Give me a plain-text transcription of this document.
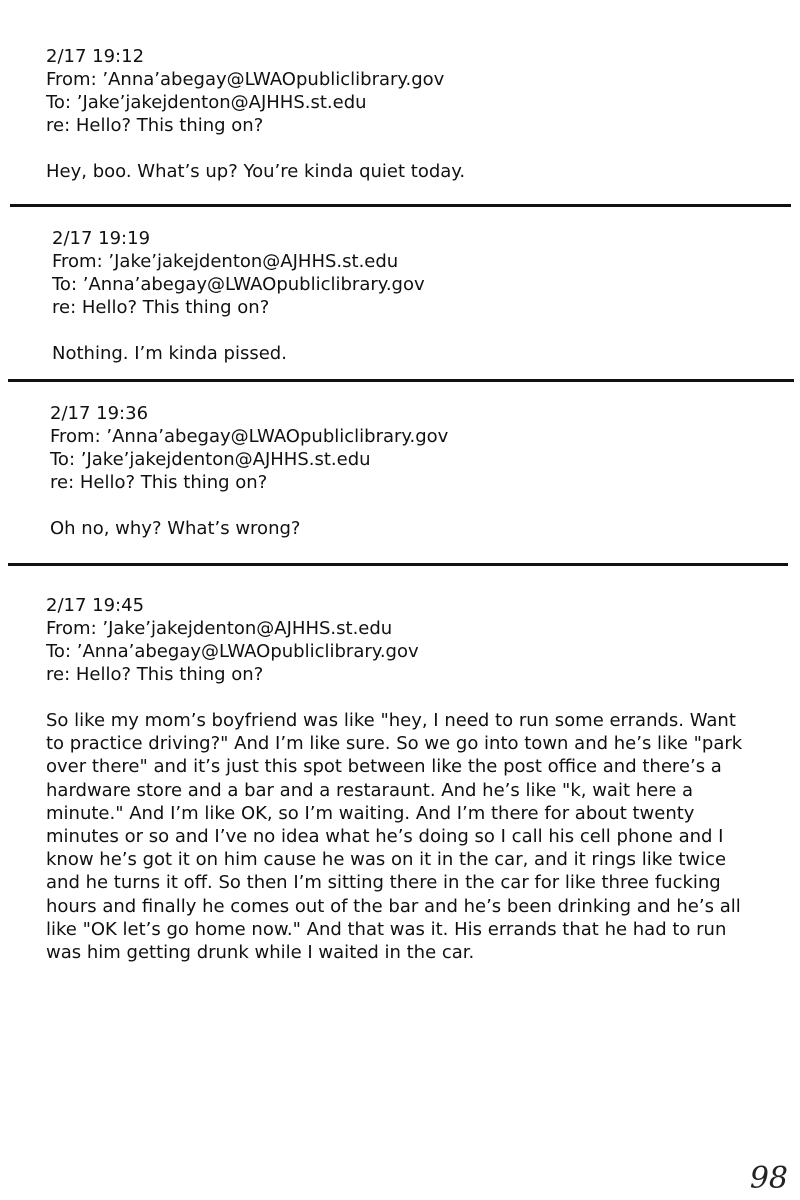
2/17 19:12
From: ’Anna’abegay@LWAOpubliclibrary.gov
To: ’Jake’jakejdenton@AJHHS.st.edu
re: Hello? This thing on?
Hey, boo. What’s up? You’re kinda quiet today.
2/17 19:19
From: ’Jake’jakejdenton@AJHHS.st.edu
To: ’Anna’abegay@LWAOpubliclibrary.gov
re: Hello? This thing on?
Nothing. I’m kinda pissed.
2/17 19:36
From: ’Anna’abegay@LWAOpubliclibrary.gov
To: ’Jake’jakejdenton@AJHHS.st.edu
re: Hello? This thing on?
Oh no, why? What’s wrong?
2/17 19:45
From: ’Jake’jakejdenton@AJHHS.st.edu
To: ’Anna’abegay@LWAOpubliclibrary.gov
re: Hello? This thing on?
So like my mom’s boyfriend was like "hey, I need to run some errands. Want to practice driving?" And I’m like sure. So we go into town and he’s like "park over there" and it’s just this spot between like the post office and there’s a hardware store and a bar and a restaraunt. And he’s like "k, wait here a minute." And I’m like OK, so I’m waiting. And I’m there for about twenty minutes or so and I’ve no idea what he’s doing so I call his cell phone and I know he’s got it on him cause he was on it in the car, and it rings like twice and he turns it off. So then I’m sitting there in the car for like three fucking hours and finally he comes out of the bar and he’s been drinking and he’s all like "OK let’s go home now." And that was it. His errands that he had to run was him getting drunk while I waited in the car.
98
